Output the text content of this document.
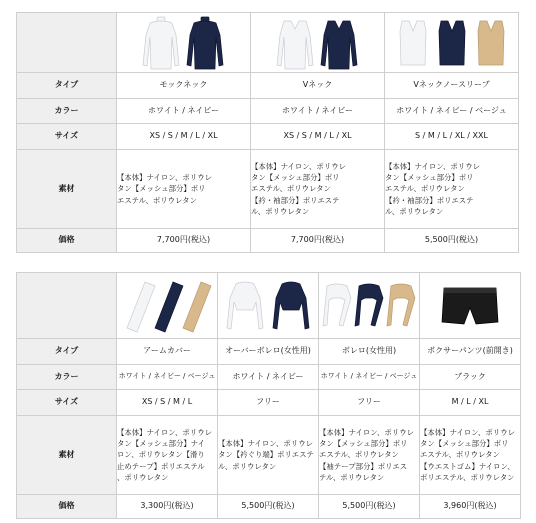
タイプ	モックネック	Vネック	Vネックノースリーブ
カラー	ホワイト / ネイビー	ホワイト / ネイビー	ホワイト / ネイビー / ベージュ
サイズ	XS / S / M / L / XL	XS / S / M / L / XL	S / M / L / XL / XXL
素材	【本体】ナイロン、ポリウレ
タン【メッシュ部分】ポリ
エステル、ポリウレタン	【本体】ナイロン、ポリウレ
タン【メッシュ部分】ポリ
エステル、ポリウレタン
【衿・袖部分】ポリエステ
ル、ポリウレタン	【本体】ナイロン、ポリウレ
タン【メッシュ部分】ポリ
エステル、ポリウレタン
【衿・袖部分】ポリエステ
ル、ポリウレタン

価格	7,700円(税込)	7,700円(税込)	5,500円(税込)

タイプ	アームカバー	オーバーボレロ(女性用)	ボレロ(女性用)	ボクサーパンツ(前開き)
カラー	ホワイト / ネイビー / ベージュ	ホワイト / ネイビー	ホワイト / ネイビー / ベージュ	ブラック
サイズ	XS / S / M / L	フリー	フリー	M / L / XL
素材	【本体】ナイロン、ポリウレ
タン【メッシュ部分】ナイ
ロン、ポリウレタン【滑り
止めテープ】ポリエステル
、ポリウレタン	【本体】ナイロン、ポリウレ
タン【衿ぐり端】ポリエステ
ル、ポリウレタン	【本体】ナイロン、ポリウレ
タン【メッシュ部分】ポリ
エステル、ポリウレタン
【袖テープ部分】ポリエス
テル、ポリウレタン	【本体】ナイロン、ポリウレ
タン【メッシュ部分】ポリ
エステル、ポリウレタン
【ウエストゴム】ナイロン、
ポリエステル、ポリウレタン

価格	3,300円(税込)	5,500円(税込)	5,500円(税込)	3,960円(税込)
